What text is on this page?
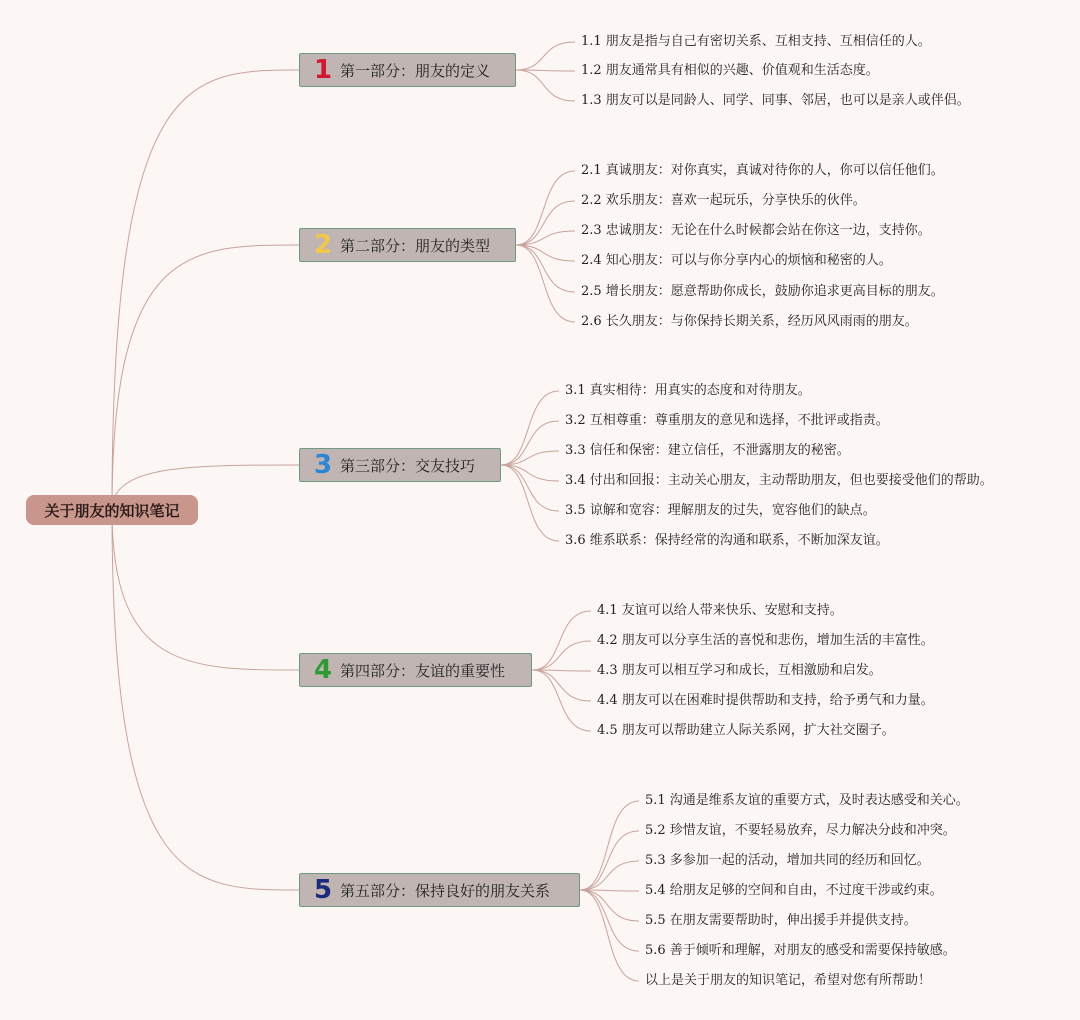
关于朋友的知识笔记
1 第一部分：朋友的定义
2 第二部分：朋友的类型
3 第三部分：交友技巧
4 第四部分：友谊的重要性
5 第五部分：保持良好的朋友关系
1.1 朋友是指与自己有密切关系、互相支持、互相信任的人。
1.2 朋友通常具有相似的兴趣、价值观和生活态度。
1.3 朋友可以是同龄人、同学、同事、邻居，也可以是亲人或伴侣。
2.1 真诚朋友：对你真实，真诚对待你的人，你可以信任他们。
2.2 欢乐朋友：喜欢一起玩乐，分享快乐的伙伴。
2.3 忠诚朋友：无论在什么时候都会站在你这一边，支持你。
2.4 知心朋友：可以与你分享内心的烦恼和秘密的人。
2.5 增长朋友：愿意帮助你成长，鼓励你追求更高目标的朋友。
2.6 长久朋友：与你保持长期关系，经历风风雨雨的朋友。
3.1 真实相待：用真实的态度和对待朋友。
3.2 互相尊重：尊重朋友的意见和选择，不批评或指责。
3.3 信任和保密：建立信任，不泄露朋友的秘密。
3.4 付出和回报：主动关心朋友，主动帮助朋友，但也要接受他们的帮助。
3.5 谅解和宽容：理解朋友的过失，宽容他们的缺点。
3.6 维系联系：保持经常的沟通和联系，不断加深友谊。
4.1 友谊可以给人带来快乐、安慰和支持。
4.2 朋友可以分享生活的喜悦和悲伤，增加生活的丰富性。
4.3 朋友可以相互学习和成长，互相激励和启发。
4.4 朋友可以在困难时提供帮助和支持，给予勇气和力量。
4.5 朋友可以帮助建立人际关系网，扩大社交圈子。
5.1 沟通是维系友谊的重要方式，及时表达感受和关心。
5.2 珍惜友谊，不要轻易放弃，尽力解决分歧和冲突。
5.3 多参加一起的活动，增加共同的经历和回忆。
5.4 给朋友足够的空间和自由，不过度干涉或约束。
5.5 在朋友需要帮助时，伸出援手并提供支持。
5.6 善于倾听和理解，对朋友的感受和需要保持敏感。
以上是关于朋友的知识笔记，希望对您有所帮助！
